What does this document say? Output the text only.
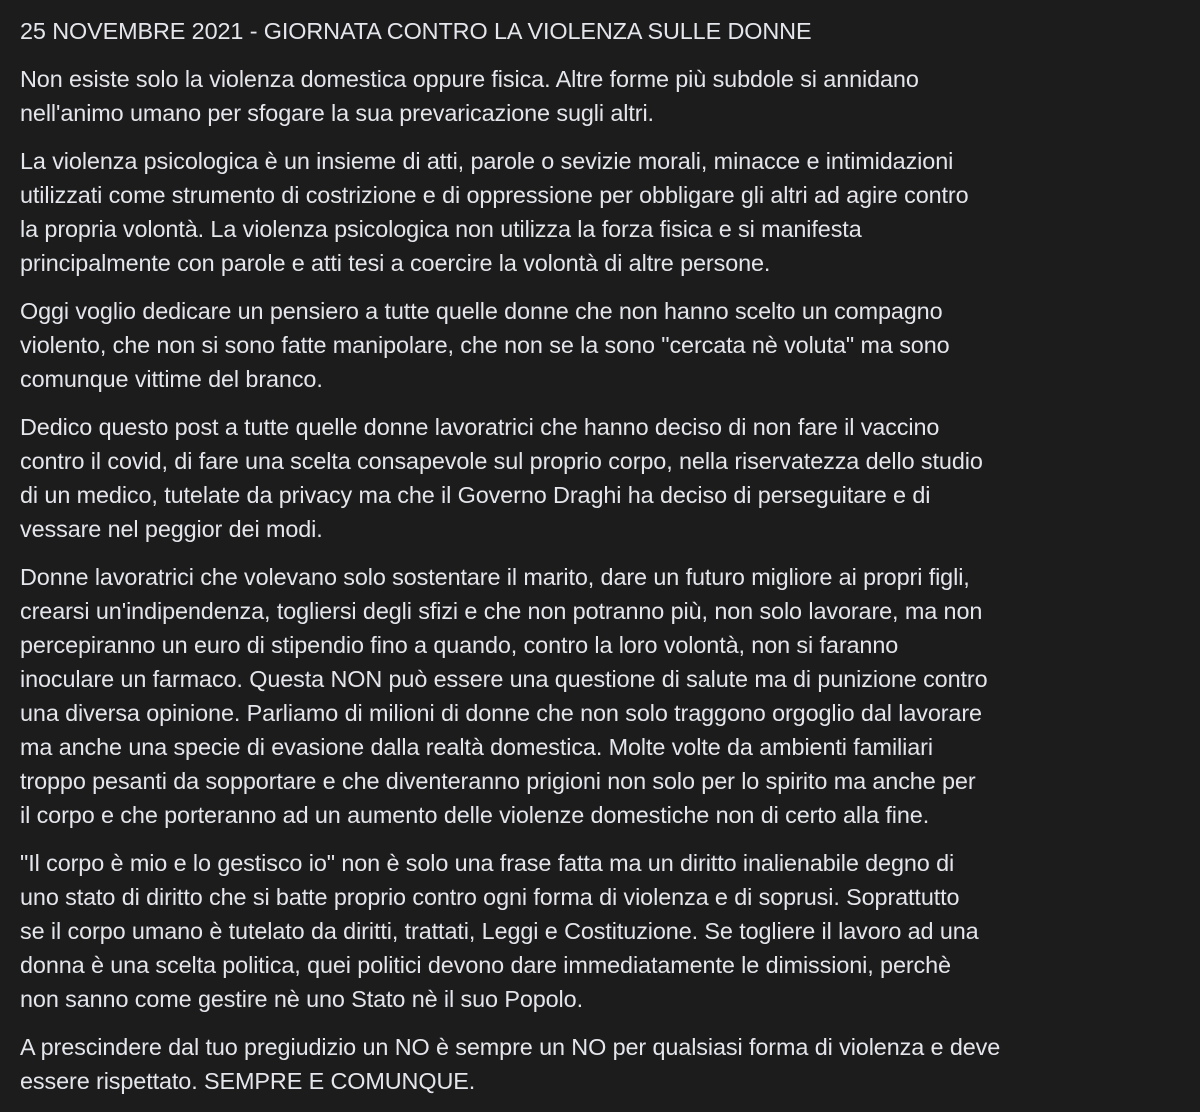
25 NOVEMBRE 2021 - GIORNATA CONTRO LA VIOLENZA SULLE DONNE

Non esiste solo la violenza domestica oppure fisica. Altre forme più subdole si annidano
nell'animo umano per sfogare la sua prevaricazione sugli altri.

La violenza psicologica è un insieme di atti, parole o sevizie morali, minacce e intimidazioni
utilizzati come strumento di costrizione e di oppressione per obbligare gli altri ad agire contro
la propria volontà. La violenza psicologica non utilizza la forza fisica e si manifesta
principalmente con parole e atti tesi a coercire la volontà di altre persone.

Oggi voglio dedicare un pensiero a tutte quelle donne che non hanno scelto un compagno
violento, che non si sono fatte manipolare, che non se la sono "cercata nè voluta" ma sono
comunque vittime del branco.

Dedico questo post a tutte quelle donne lavoratrici che hanno deciso di non fare il vaccino
contro il covid, di fare una scelta consapevole sul proprio corpo, nella riservatezza dello studio
di un medico, tutelate da privacy ma che il Governo Draghi ha deciso di perseguitare e di
vessare nel peggior dei modi.

Donne lavoratrici che volevano solo sostentare il marito, dare un futuro migliore ai propri figli,
crearsi un'indipendenza, togliersi degli sfizi e che non potranno più, non solo lavorare, ma non
percepiranno un euro di stipendio fino a quando, contro la loro volontà, non si faranno
inoculare un farmaco. Questa NON può essere una questione di salute ma di punizione contro
una diversa opinione. Parliamo di milioni di donne che non solo traggono orgoglio dal lavorare
ma anche una specie di evasione dalla realtà domestica. Molte volte da ambienti familiari
troppo pesanti da sopportare e che diventeranno prigioni non solo per lo spirito ma anche per
il corpo e che porteranno ad un aumento delle violenze domestiche non di certo alla fine.

"Il corpo è mio e lo gestisco io" non è solo una frase fatta ma un diritto inalienabile degno di
uno stato di diritto che si batte proprio contro ogni forma di violenza e di soprusi. Soprattutto
se il corpo umano è tutelato da diritti, trattati, Leggi e Costituzione. Se togliere il lavoro ad una
donna è una scelta politica, quei politici devono dare immediatamente le dimissioni, perchè
non sanno come gestire nè uno Stato nè il suo Popolo.

A prescindere dal tuo pregiudizio un NO è sempre un NO per qualsiasi forma di violenza e deve
essere rispettato. SEMPRE E COMUNQUE.
